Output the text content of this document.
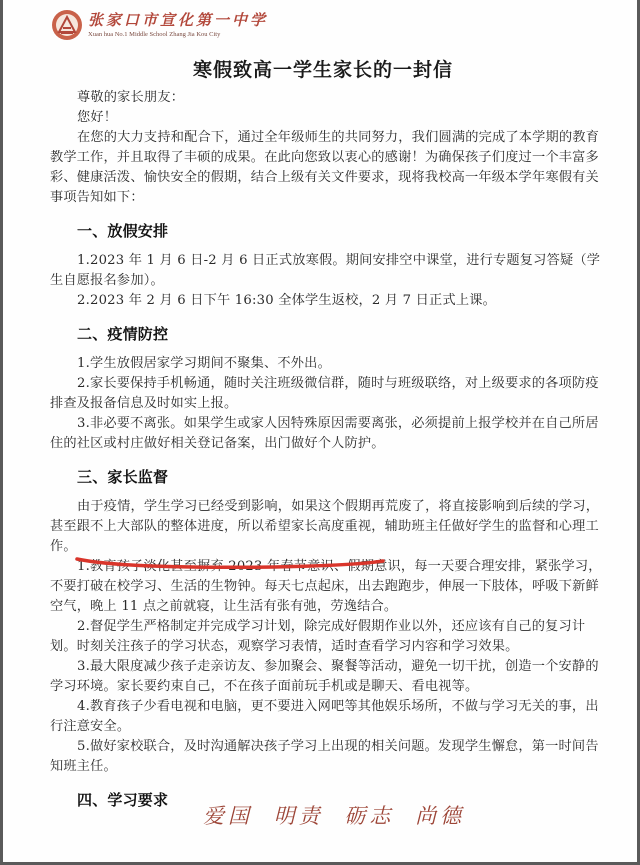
张家口市宣化第一中学
Xuan hua No.1 Middle School Zhang Jia Kou City
寒假致高一学生家长的一封信

尊敬的家长朋友：

您好！

在您的大力支持和配合下，通过全年级师生的共同努力，我们圆满的完成了本学期的教育教学工作，并且取得了丰硕的成果。在此向您致以衷心的感谢！为确保孩子们度过一个丰富多彩、健康活泼、愉快安全的假期，结合上级有关文件要求，现将我校高一年级本学年寒假有关事项告知如下：

一、放假安排

1.2023 年 1 月 6 日-2 月 6 日正式放寒假。期间安排空中课堂，进行专题复习答疑（学生自愿报名参加）。

2.2023 年 2 月 6 日下午 16:30 全体学生返校，2 月 7 日正式上课。

二、疫情防控

1.学生放假居家学习期间不聚集、不外出。

2.家长要保持手机畅通，随时关注班级微信群，随时与班级联络，对上级要求的各项防疫排查及报备信息及时如实上报。

3.非必要不离张。如果学生或家人因特殊原因需要离张，必须提前上报学校并在自己所居住的社区或村庄做好相关登记备案，出门做好个人防护。

三、家长监督

由于疫情，学生学习已经受到影响，如果这个假期再荒废了，将直接影响到后续的学习，甚至跟不上大部队的整体进度，所以希望家长高度重视，辅助班主任做好学生的监督和心理工作。

1.教育孩子淡化甚至摒弃 2023 年春节意识、假期意识，每一天要合理安排，紧张学习，不要打破在校学习、生活的生物钟。每天七点起床，出去跑跑步，伸展一下肢体，呼吸下新鲜空气，晚上 11 点之前就寝，让生活有张有弛，劳逸结合。

2.督促学生严格制定并完成学习计划，除完成好假期作业以外，还应该有自己的复习计划。时刻关注孩子的学习状态，观察学习表情，适时查看学习内容和学习效果。

3.最大限度减少孩子走亲访友、参加聚会、聚餐等活动，避免一切干扰，创造一个安静的学习环境。家长要约束自己，不在孩子面前玩手机或是聊天、看电视等。

4.教育孩子少看电视和电脑，更不要进入网吧等其他娱乐场所，不做与学习无关的事，出行注意安全。

5.做好家校联合，及时沟通解决孩子学习上出现的相关问题。发现学生懈怠，第一时间告知班主任。

四、学习要求

爱国 明责 砺志 尚德
